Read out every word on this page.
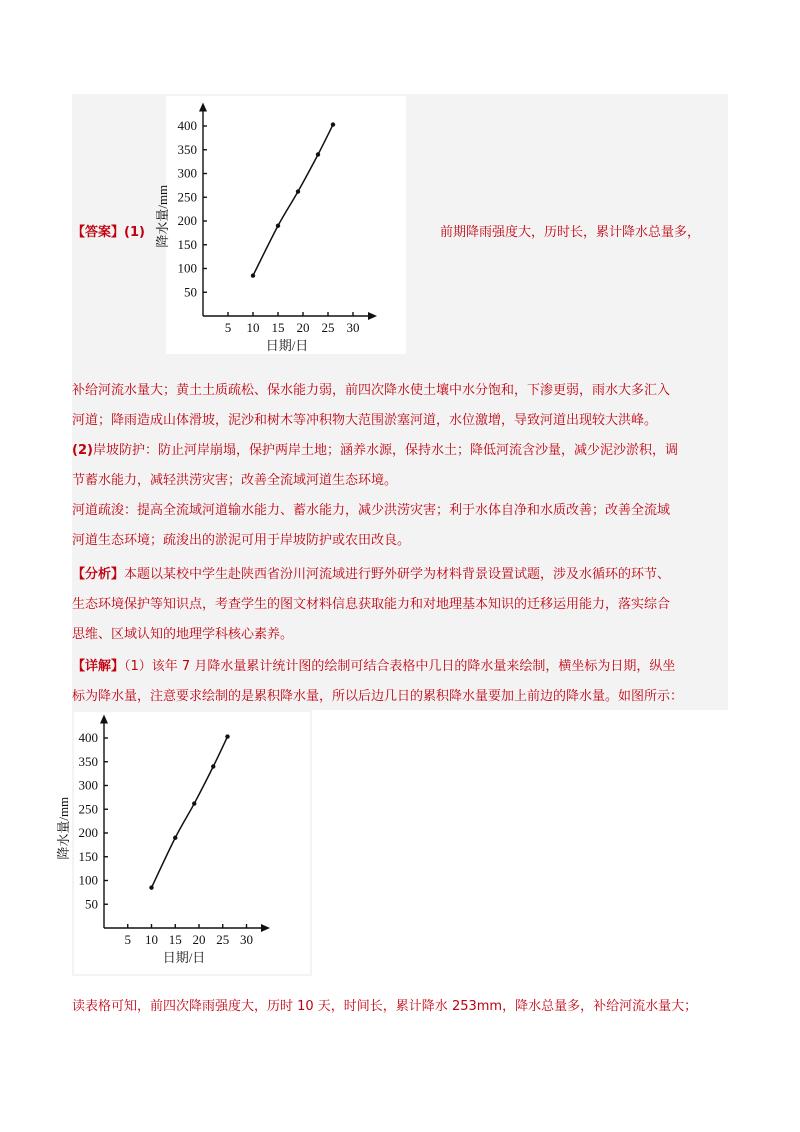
【答案】(1)	前期降雨强度大，历时长，累计降水总量多，
50
100
150
200
250
300
350
400
5 10 15 20 25 30
日期/日
降水量/mm
补给河流水量大；黄土土质疏松、保水能力弱，前四次降水使土壤中水分饱和，下渗更弱，雨水大多汇入
河道；降雨造成山体滑坡，泥沙和树木等冲积物大范围淤塞河道，水位激增，导致河道出现较大洪峰。
(2)岸坡防护：防止河岸崩塌，保护两岸土地；涵养水源，保持水土；降低河流含沙量，减少泥沙淤积，调
节蓄水能力，减轻洪涝灾害；改善全流域河道生态环境。
河道疏浚：提高全流域河道输水能力、蓄水能力，减少洪涝灾害；利于水体自净和水质改善；改善全流域
河道生态环境；疏浚出的淤泥可用于岸坡防护或农田改良。
【分析】本题以某校中学生赴陕西省汾川河流域进行野外研学为材料背景设置试题，涉及水循环的环节、
生态环境保护等知识点，考查学生的图文材料信息获取能力和对地理基本知识的迁移运用能力，落实综合
思维、区域认知的地理学科核心素养。
【详解】（1）该年 7 月降水量累计统计图的绘制可结合表格中几日的降水量来绘制，横坐标为日期，纵坐
标为降水量，注意要求绘制的是累积降水量，所以后边几日的累积降水量要加上前边的降水量。如图所示：
50
100
150
200
250
300
350
400
5 10 15 20 25 30
日期/日
降水量/mm
读表格可知，前四次降雨强度大，历时 10 天，时间长，累计降水 253mm，降水总量多，补给河流水量大；
